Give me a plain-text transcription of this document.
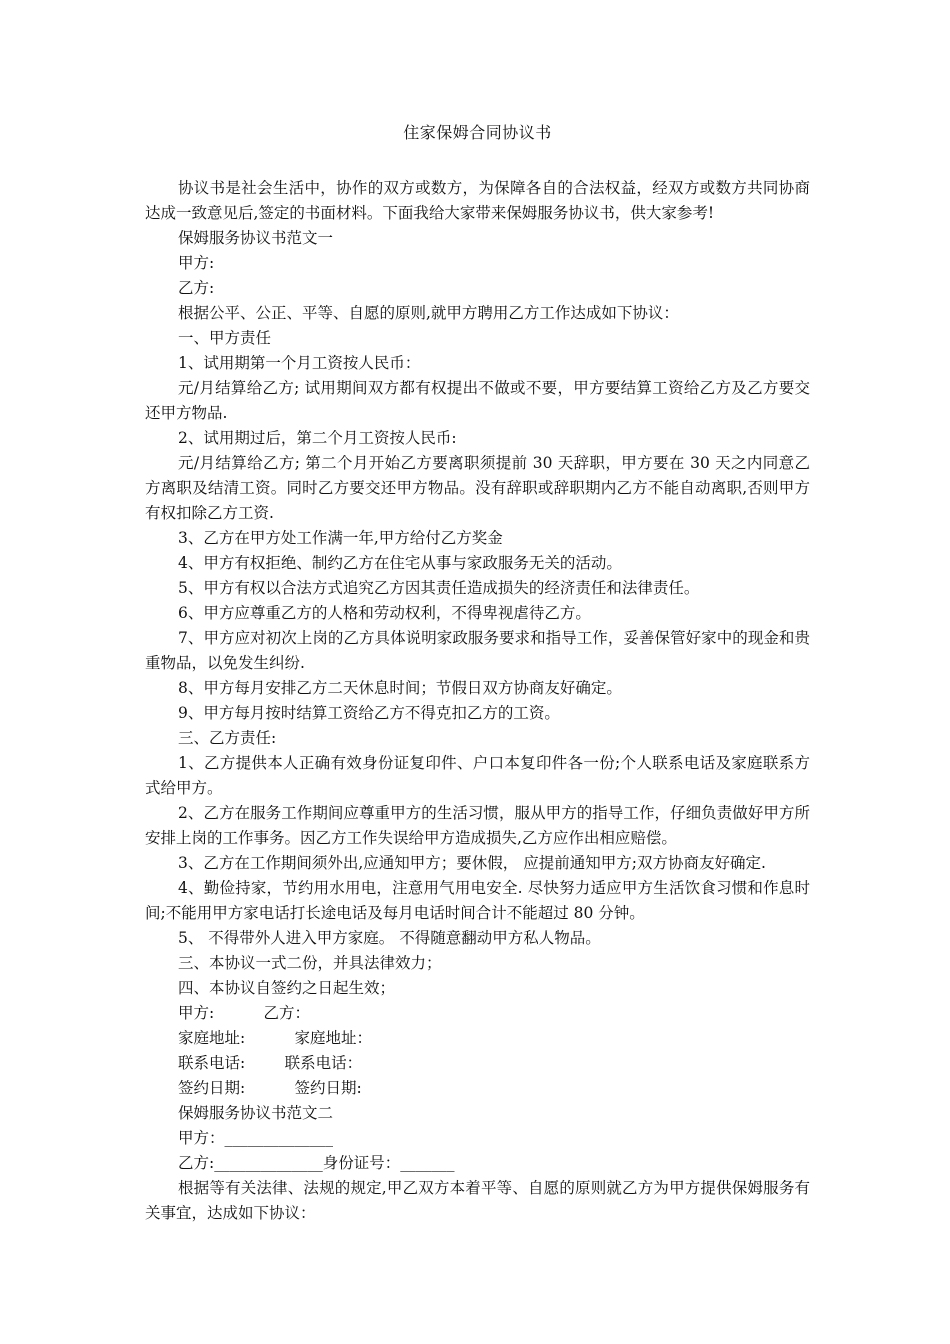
住家保姆合同协议书

协议书是社会生活中，协作的双方或数方，为保障各自的合法权益，经双方或数方共同协商达成一致意见后,签定的书面材料。下面我给大家带来保姆服务协议书，供大家参考!

保姆服务协议书范文一

甲方:

乙方:

根据公平、公正、平等、自愿的原则,就甲方聘用乙方工作达成如下协议：

一、甲方责任

1、试用期第一个月工资按人民币：

元/月结算给乙方; 试用期间双方都有权提出不做或不要，甲方要结算工资给乙方及乙方要交还甲方物品.

2、试用期过后，第二个月工资按人民币:

元/月结算给乙方; 第二个月开始乙方要离职须提前 30 天辞职，甲方要在 30 天之内同意乙方离职及结清工资。同时乙方要交还甲方物品。没有辞职或辞职期内乙方不能自动离职,否则甲方有权扣除乙方工资.

3、乙方在甲方处工作满一年,甲方给付乙方奖金

4、甲方有权拒绝、制约乙方在住宅从事与家政服务无关的活动。

5、甲方有权以合法方式追究乙方因其责任造成损失的经济责任和法律责任。

6、甲方应尊重乙方的人格和劳动权利，不得卑视虐待乙方。

7、甲方应对初次上岗的乙方具体说明家政服务要求和指导工作，妥善保管好家中的现金和贵重物品，以免发生纠纷.

8、甲方每月安排乙方二天休息时间；节假日双方协商友好确定。

9、甲方每月按时结算工资给乙方不得克扣乙方的工资。

三、乙方责任:

1、乙方提供本人正确有效身份证复印件、户口本复印件各一份;个人联系电话及家庭联系方式给甲方。

2、乙方在服务工作期间应尊重甲方的生活习惯，服从甲方的指导工作，仔细负责做好甲方所安排上岗的工作事务。因乙方工作失误给甲方造成损失,乙方应作出相应赔偿。

3、乙方在工作期间须外出,应通知甲方；要休假， 应提前通知甲方;双方协商友好确定.

4、勤俭持家，节约用水用电，注意用气用电安全. 尽快努力适应甲方生活饮食习惯和作息时间;不能用甲方家电话打长途电话及每月电话时间合计不能超过 80 分钟。

5、 不得带外人进入甲方家庭。 不得随意翻动甲方私人物品。

三、本协议一式二份，并具法律效力；

四、本协议自签约之日起生效；

甲方:          乙方：

家庭地址:          家庭地址：

联系电话:        联系电话：

签约日期:          签约日期:

保姆服务协议书范文二

甲方：______________

乙方:______________身份证号：_______

根据等有关法律、法规的规定,甲乙双方本着平等、自愿的原则就乙方为甲方提供保姆服务有关事宜，达成如下协议：
